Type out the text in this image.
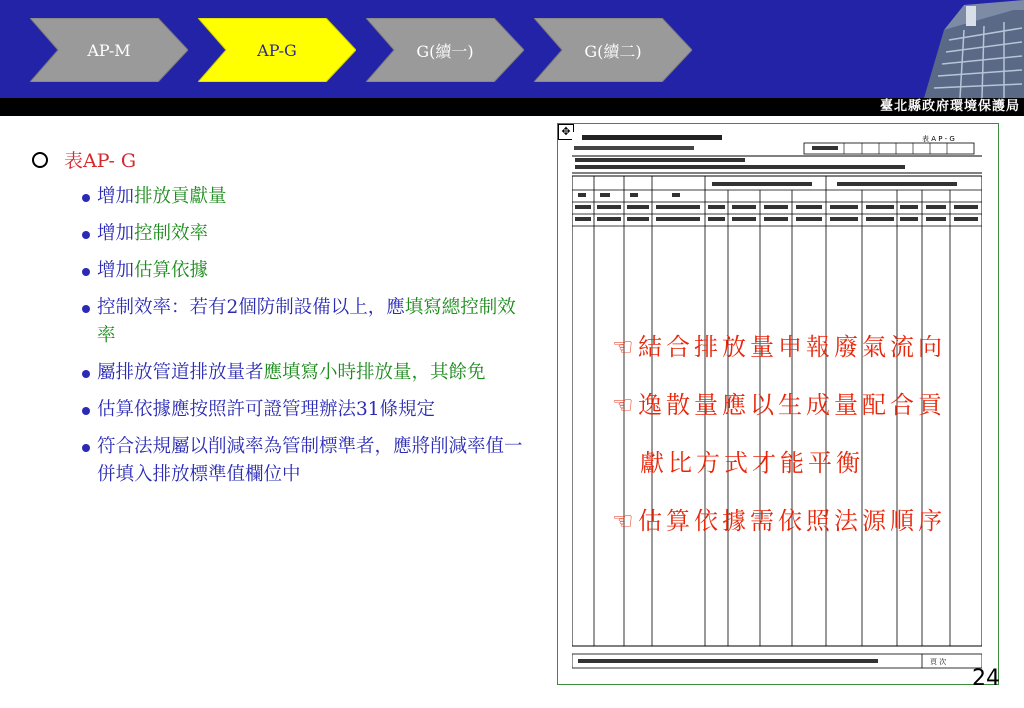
AP-M	AP-G	G(續一)	G(續二)
臺北縣政府環境保護局
表AP- G
增加排放貢獻量
增加控制效率
增加估算依據
控制效率：若有2個防制設備以上，應填寫總控制效率
屬排放管道排放量者應填寫小時排放量，其餘免
估算依據應按照許可證管理辦法31條規定
符合法規屬以削減率為管制標準者，應將削減率值一併填入排放標準值欄位中
✥
表 A P - G
頁 次
☜ 結合排放量申報廢氣流向
☜ 逸散量應以生成量配合貢
獻比方式才能平衡
☜ 估算依據需依照法源順序
24
